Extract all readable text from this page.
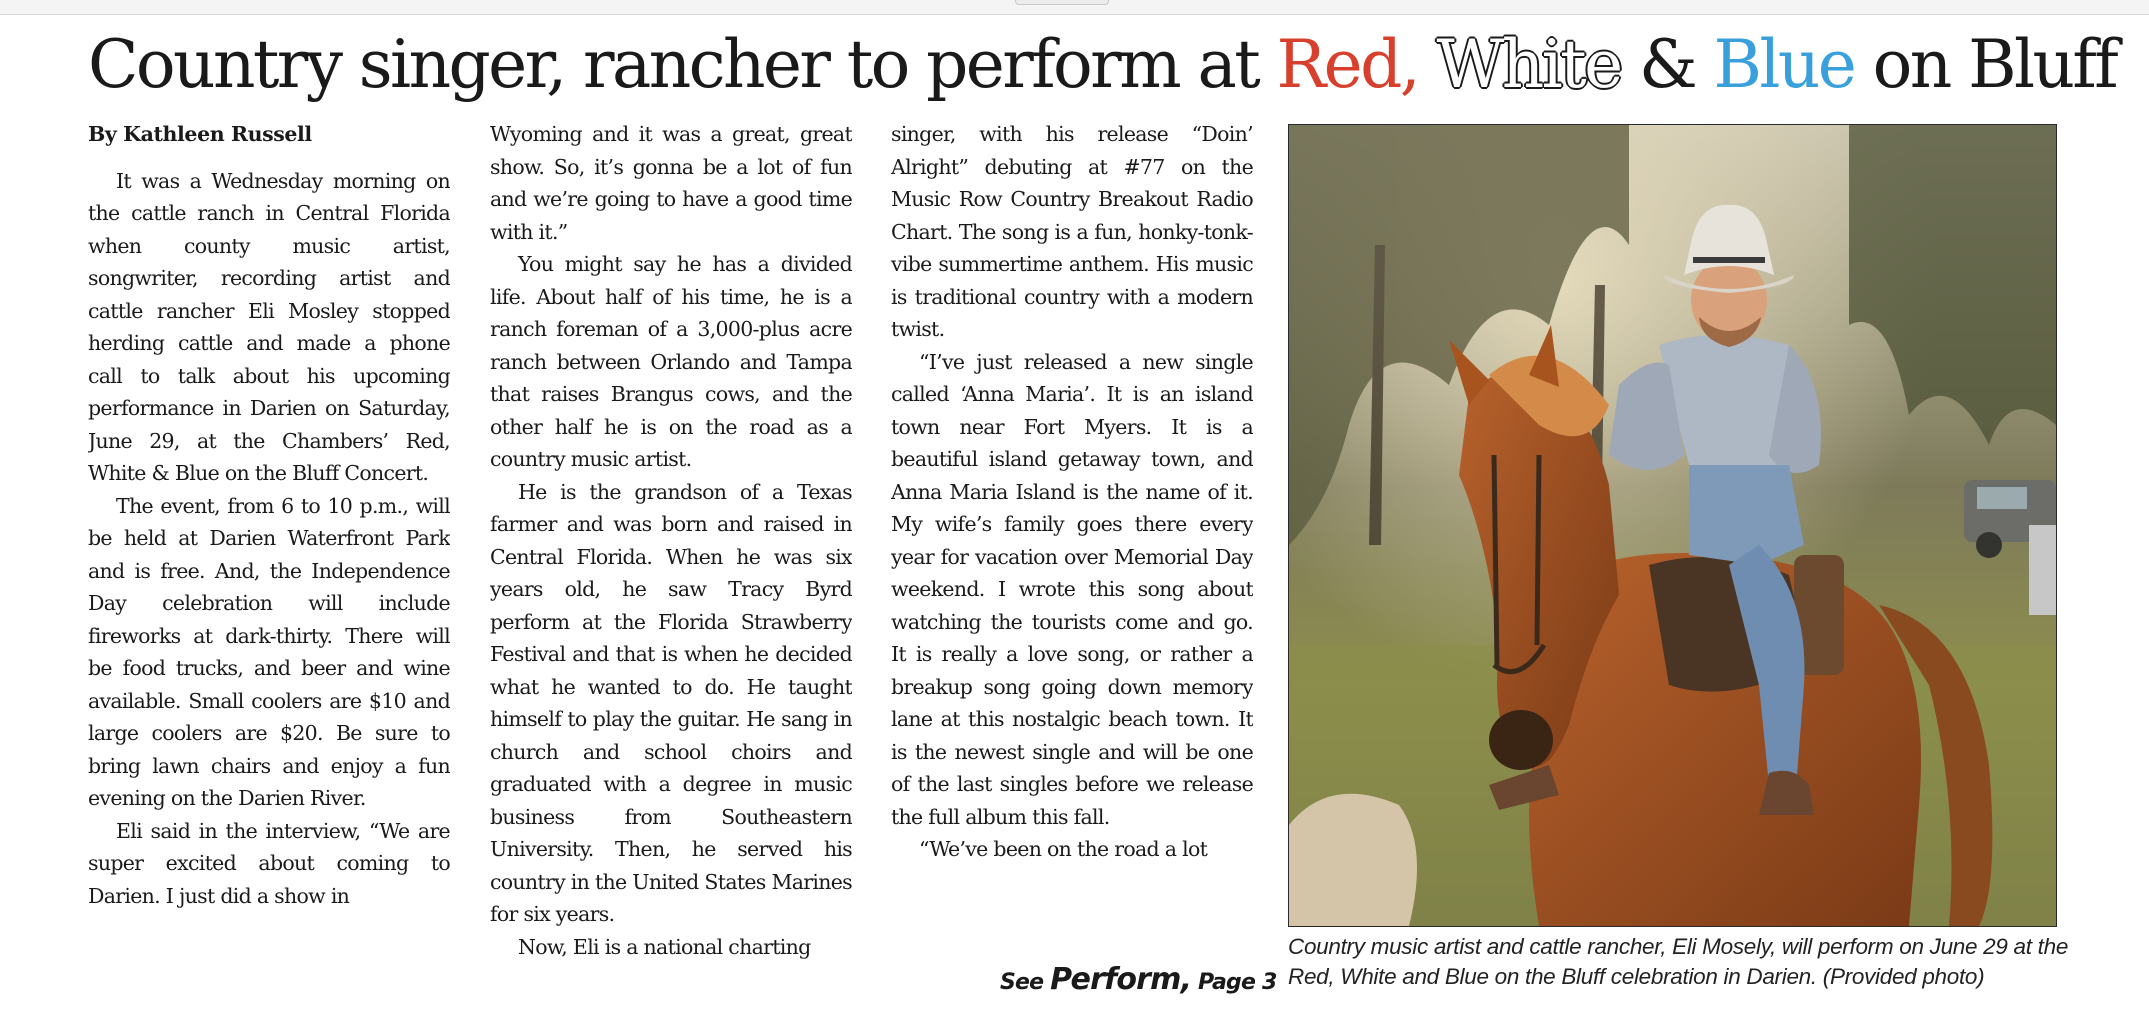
Country singer, rancher to perform at Red, White & Blue on Bluff

By Kathleen Russell

It was a Wednesday morning on the cattle ranch in Central Florida when county music artist, songwriter, recording artist and cattle rancher Eli Mosley stopped herding cattle and made a phone call to talk about his upcoming performance in Darien on Saturday, June 29, at the Chambers’ Red, White & Blue on the Bluff Concert.

The event, from 6 to 10 p.m., will be held at Darien Waterfront Park and is free. And, the Independence Day celebration will include fireworks at dark-thirty. There will be food trucks, and beer and wine available. Small coolers are $10 and large coolers are $20. Be sure to bring lawn chairs and enjoy a fun evening on the Darien River.

Eli said in the interview, “We are super excited about coming to Darien. I just did a show in

Wyoming and it was a great, great show. So, it’s gonna be a lot of fun and we’re going to have a good time with it.”

You might say he has a divided life. About half of his time, he is a ranch foreman of a 3,000-plus acre ranch between Orlando and Tampa that raises Brangus cows, and the other half he is on the road as a country music artist.

He is the grandson of a Texas farmer and was born and raised in Central Florida. When he was six years old, he saw Tracy Byrd perform at the Florida Strawberry Festival and that is when he decided what he wanted to do. He taught himself to play the guitar. He sang in church and school choirs and graduated with a degree in music business from Southeastern University. Then, he served his country in the United States Marines for six years.

Now, Eli is a national charting

singer, with his release “Doin’ Alright” debuting at #77 on the Music Row Country Breakout Radio Chart. The song is a fun, honky-tonk-vibe summertime anthem. His music is traditional country with a modern twist.

“I’ve just released a new single called ‘Anna Maria’. It is an island town near Fort Myers. It is a beautiful island getaway town, and Anna Maria Island is the name of it. My wife’s family goes there every year for vacation over Memorial Day weekend. I wrote this song about watching the tourists come and go. It is really a love song, or rather a breakup song going down memory lane at this nostalgic beach town. It is the newest single and will be one of the last singles before we release the full album this fall.

“We’ve been on the road a lot

See Perform, Page 3
Country music artist and cattle rancher, Eli Mosely, will perform on June 29 at the Red, White and Blue on the Bluff celebration in Darien. (Provided photo)
